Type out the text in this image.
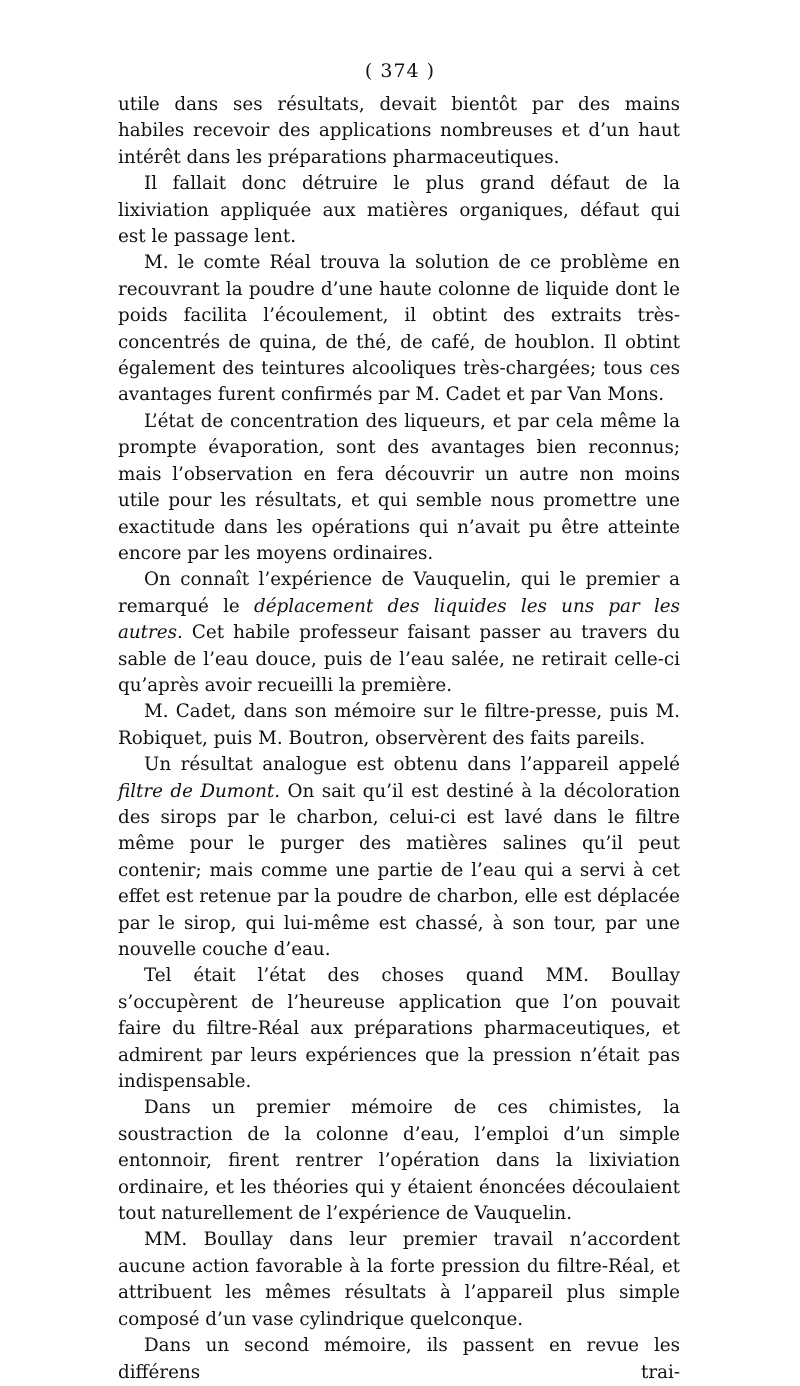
( 374 )

utile dans ses résultats, devait bientôt par des mains habiles recevoir des applications nombreuses et d’un haut intérêt dans les préparations pharmaceutiques.

Il fallait donc détruire le plus grand défaut de la lixiviation appliquée aux matières organiques, défaut qui est le passage lent.

M. le comte Réal trouva la solution de ce problème en recouvrant la poudre d’une haute colonne de liquide dont le poids facilita l’écoulement, il obtint des extraits très-concentrés de quina, de thé, de café, de houblon. Il obtint également des teintures alcooliques très-chargées; tous ces avantages furent confirmés par M. Cadet et par Van Mons.

L’état de concentration des liqueurs, et par cela même la prompte évaporation, sont des avantages bien reconnus; mais l’observation en fera découvrir un autre non moins utile pour les résultats, et qui semble nous promettre une exactitude dans les opérations qui n’avait pu être atteinte encore par les moyens ordinaires.

On connaît l’expérience de Vauquelin, qui le premier a remarqué le déplacement des liquides les uns par les autres. Cet habile professeur faisant passer au travers du sable de l’eau douce, puis de l’eau salée, ne retirait celle-ci qu’après avoir recueilli la première.

M. Cadet, dans son mémoire sur le filtre-presse, puis M. Robiquet, puis M. Boutron, observèrent des faits pareils.

Un résultat analogue est obtenu dans l’appareil appelé filtre de Dumont. On sait qu’il est destiné à la décoloration des sirops par le charbon, celui-ci est lavé dans le filtre même pour le purger des matières salines qu’il peut contenir; mais comme une partie de l’eau qui a servi à cet effet est retenue par la poudre de charbon, elle est déplacée par le sirop, qui lui-même est chassé, à son tour, par une nouvelle couche d’eau.

Tel était l’état des choses quand MM. Boullay s’occupèrent de l’heureuse application que l’on pouvait faire du filtre-Réal aux préparations pharmaceutiques, et admirent par leurs expériences que la pression n’était pas indispensable.

Dans un premier mémoire de ces chimistes, la soustraction de la colonne d’eau, l’emploi d’un simple entonnoir, firent rentrer l’opération dans la lixiviation ordinaire, et les théories qui y étaient énoncées découlaient tout naturellement de l’expérience de Vauquelin.

MM. Boullay dans leur premier travail n’accordent aucune action favorable à la forte pression du filtre-Réal, et attribuent les mêmes résultats à l’appareil plus simple composé d’un vase cylindrique quelconque.

Dans un second mémoire, ils passent en revue les différens trai-
